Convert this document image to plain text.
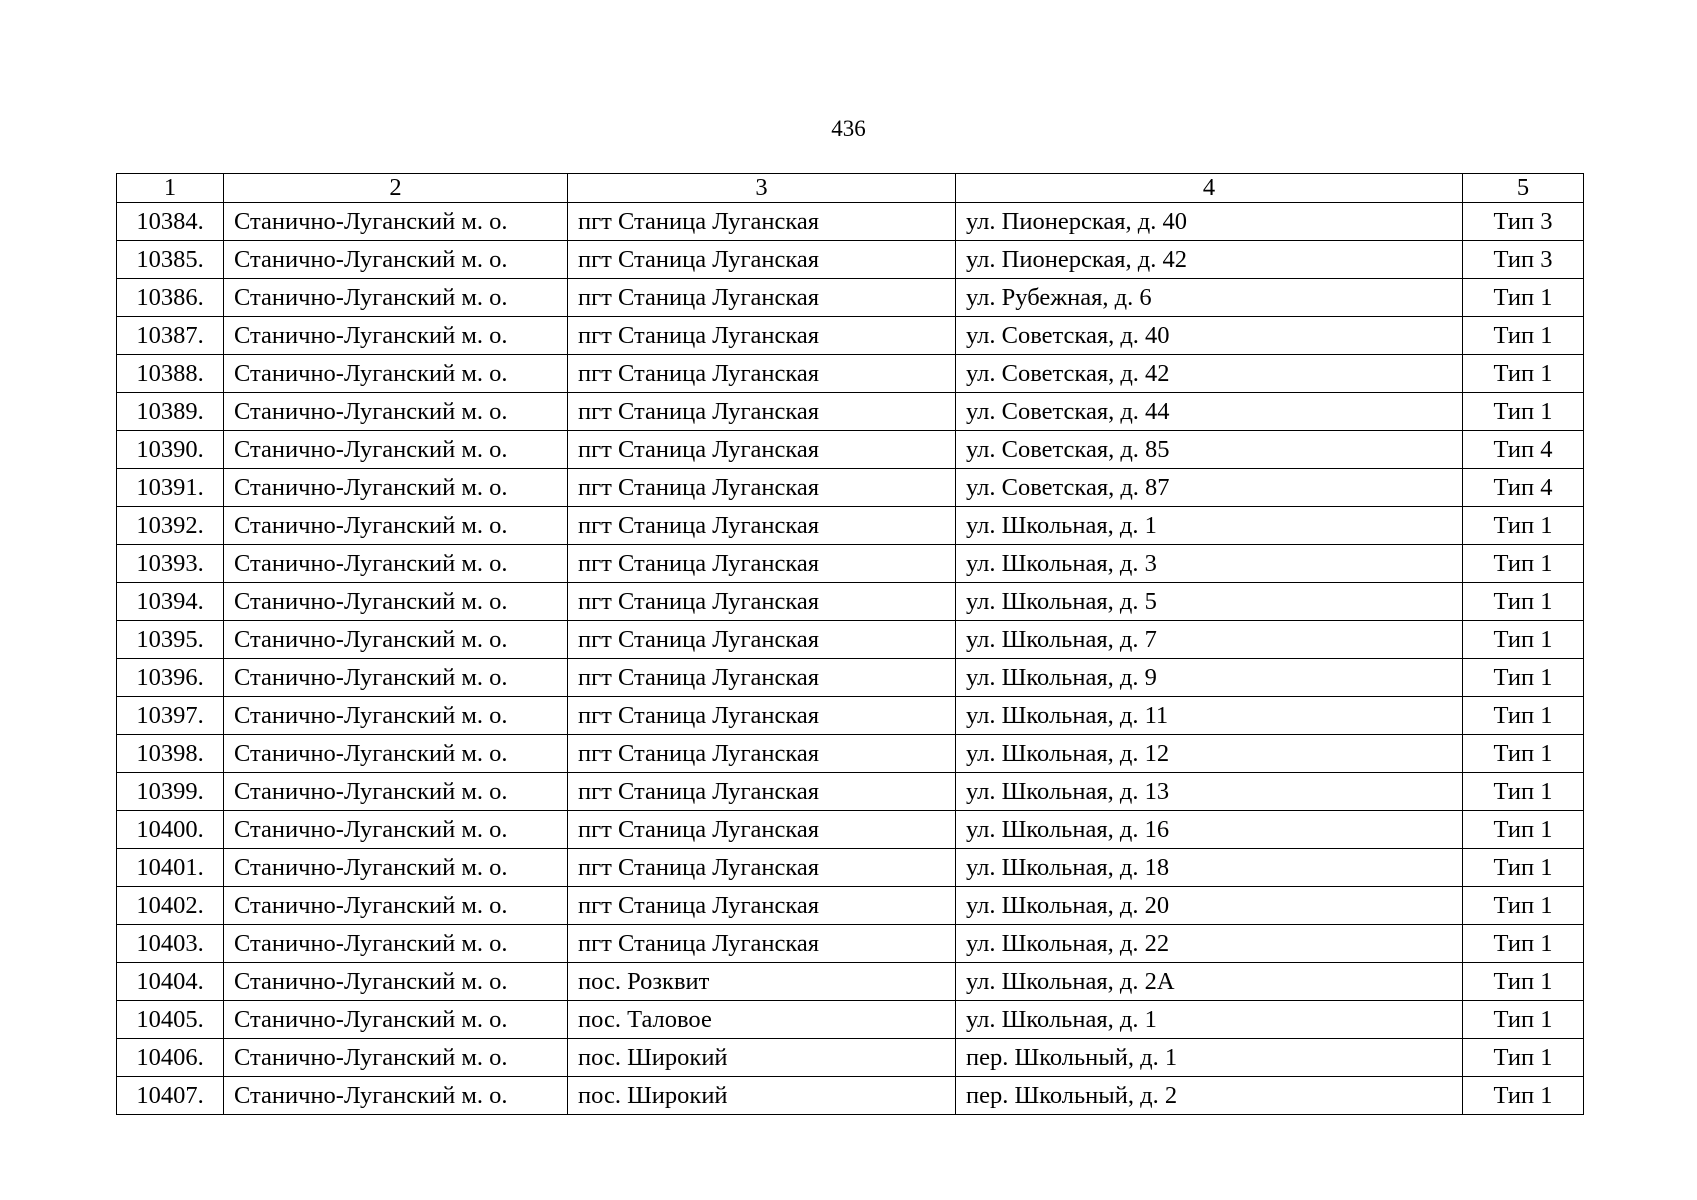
436
1	2	3	4	5
10384.	Станично-Луганский м. о.	пгт Станица Луганская	ул. Пионерская, д. 40	Тип 3
10385.	Станично-Луганский м. о.	пгт Станица Луганская	ул. Пионерская, д. 42	Тип 3
10386.	Станично-Луганский м. о.	пгт Станица Луганская	ул. Рубежная, д. 6	Тип 1
10387.	Станично-Луганский м. о.	пгт Станица Луганская	ул. Советская, д. 40	Тип 1
10388.	Станично-Луганский м. о.	пгт Станица Луганская	ул. Советская, д. 42	Тип 1
10389.	Станично-Луганский м. о.	пгт Станица Луганская	ул. Советская, д. 44	Тип 1
10390.	Станично-Луганский м. о.	пгт Станица Луганская	ул. Советская, д. 85	Тип 4
10391.	Станично-Луганский м. о.	пгт Станица Луганская	ул. Советская, д. 87	Тип 4
10392.	Станично-Луганский м. о.	пгт Станица Луганская	ул. Школьная, д. 1	Тип 1
10393.	Станично-Луганский м. о.	пгт Станица Луганская	ул. Школьная, д. 3	Тип 1
10394.	Станично-Луганский м. о.	пгт Станица Луганская	ул. Школьная, д. 5	Тип 1
10395.	Станично-Луганский м. о.	пгт Станица Луганская	ул. Школьная, д. 7	Тип 1
10396.	Станично-Луганский м. о.	пгт Станица Луганская	ул. Школьная, д. 9	Тип 1
10397.	Станично-Луганский м. о.	пгт Станица Луганская	ул. Школьная, д. 11	Тип 1
10398.	Станично-Луганский м. о.	пгт Станица Луганская	ул. Школьная, д. 12	Тип 1
10399.	Станично-Луганский м. о.	пгт Станица Луганская	ул. Школьная, д. 13	Тип 1
10400.	Станично-Луганский м. о.	пгт Станица Луганская	ул. Школьная, д. 16	Тип 1
10401.	Станично-Луганский м. о.	пгт Станица Луганская	ул. Школьная, д. 18	Тип 1
10402.	Станично-Луганский м. о.	пгт Станица Луганская	ул. Школьная, д. 20	Тип 1
10403.	Станично-Луганский м. о.	пгт Станица Луганская	ул. Школьная, д. 22	Тип 1
10404.	Станично-Луганский м. о.	пос. Розквит	ул. Школьная, д. 2А	Тип 1
10405.	Станично-Луганский м. о.	пос. Таловое	ул. Школьная, д. 1	Тип 1
10406.	Станично-Луганский м. о.	пос. Широкий	пер. Школьный, д. 1	Тип 1
10407.	Станично-Луганский м. о.	пос. Широкий	пер. Школьный, д. 2	Тип 1
